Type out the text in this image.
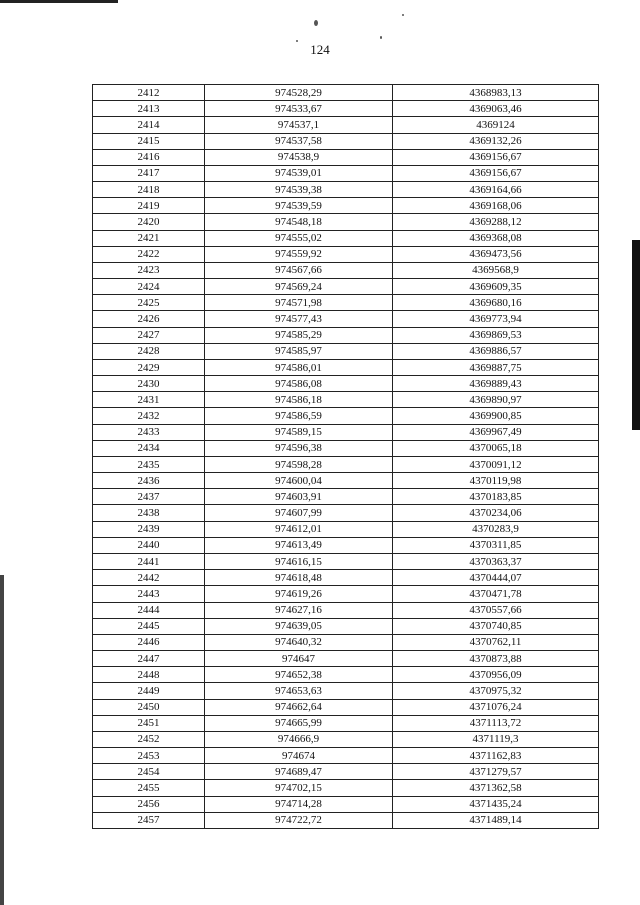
124
2412	974528,29	4368983,13
2413	974533,67	4369063,46
2414	974537,1	4369124
2415	974537,58	4369132,26
2416	974538,9	4369156,67
2417	974539,01	4369156,67
2418	974539,38	4369164,66
2419	974539,59	4369168,06
2420	974548,18	4369288,12
2421	974555,02	4369368,08
2422	974559,92	4369473,56
2423	974567,66	4369568,9
2424	974569,24	4369609,35
2425	974571,98	4369680,16
2426	974577,43	4369773,94
2427	974585,29	4369869,53
2428	974585,97	4369886,57
2429	974586,01	4369887,75
2430	974586,08	4369889,43
2431	974586,18	4369890,97
2432	974586,59	4369900,85
2433	974589,15	4369967,49
2434	974596,38	4370065,18
2435	974598,28	4370091,12
2436	974600,04	4370119,98
2437	974603,91	4370183,85
2438	974607,99	4370234,06
2439	974612,01	4370283,9
2440	974613,49	4370311,85
2441	974616,15	4370363,37
2442	974618,48	4370444,07
2443	974619,26	4370471,78
2444	974627,16	4370557,66
2445	974639,05	4370740,85
2446	974640,32	4370762,11
2447	974647	4370873,88
2448	974652,38	4370956,09
2449	974653,63	4370975,32
2450	974662,64	4371076,24
2451	974665,99	4371113,72
2452	974666,9	4371119,3
2453	974674	4371162,83
2454	974689,47	4371279,57
2455	974702,15	4371362,58
2456	974714,28	4371435,24
2457	974722,72	4371489,14
